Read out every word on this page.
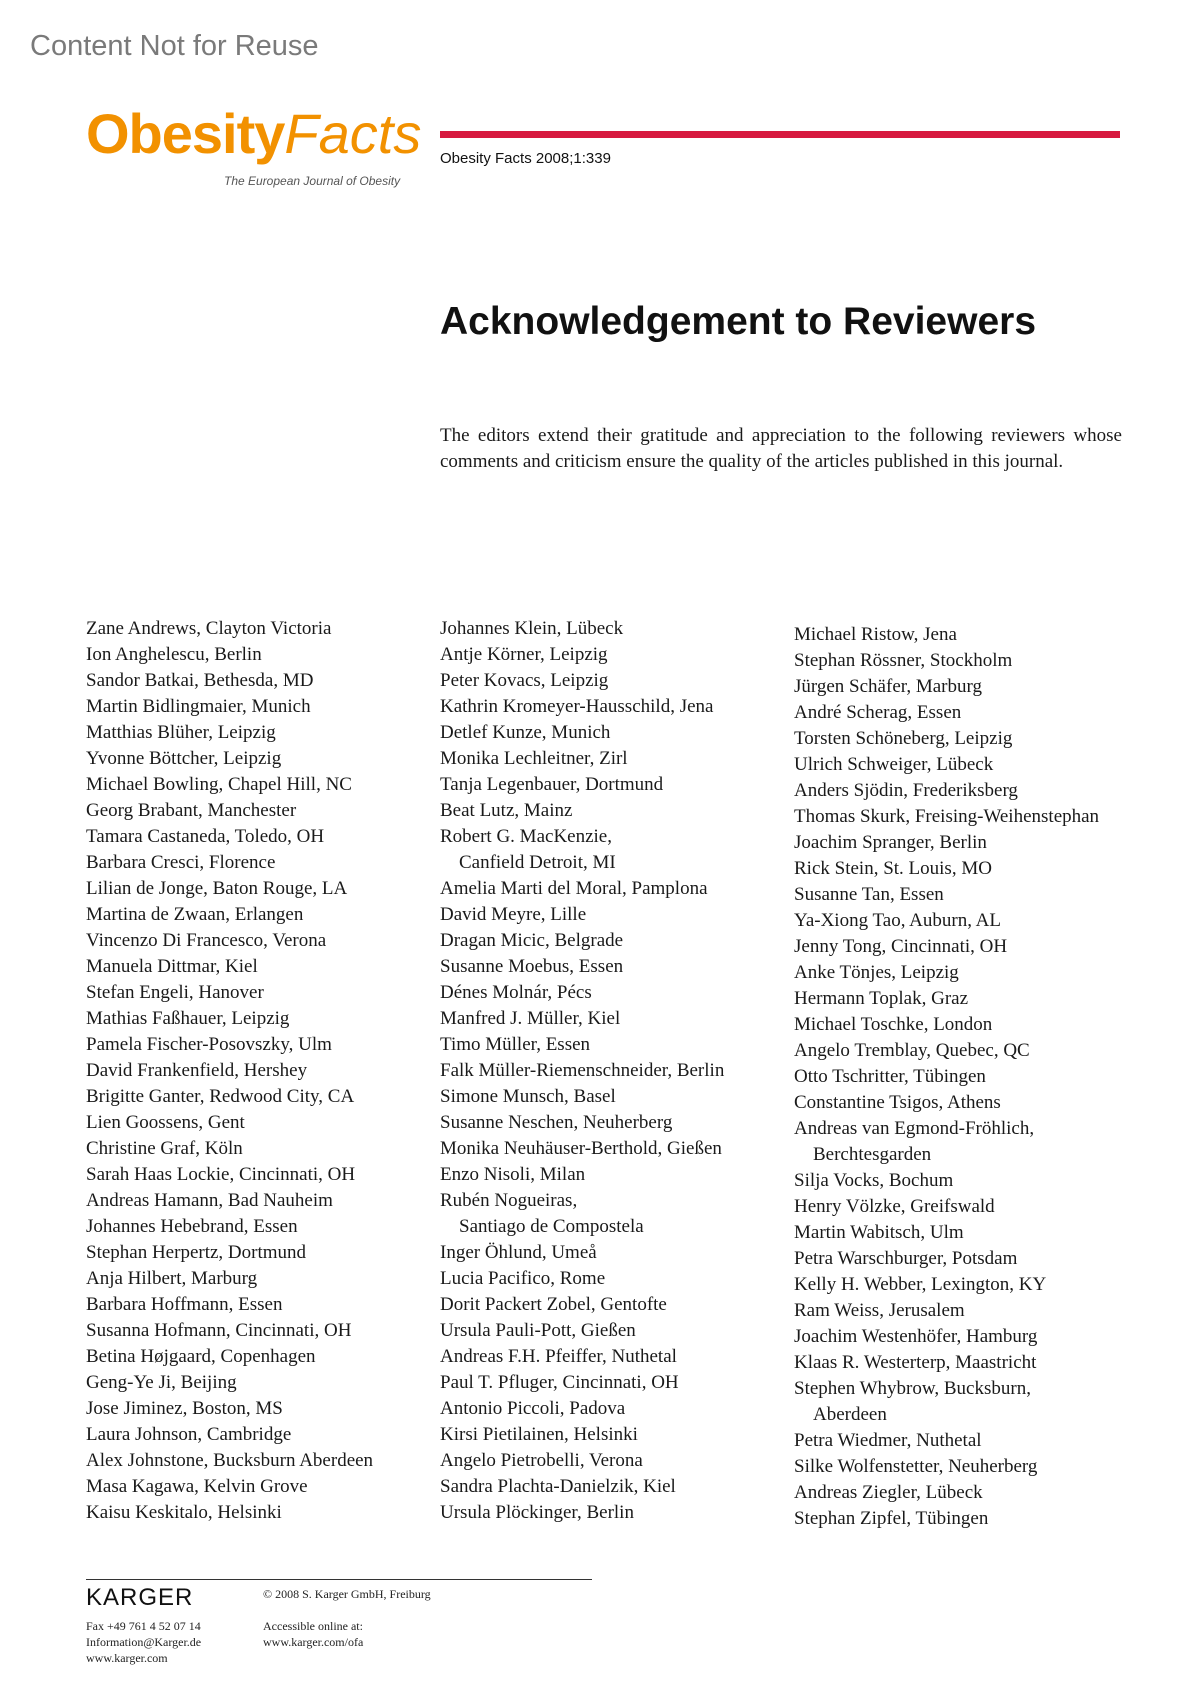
Content Not for Reuse
ObesityFacts
The European Journal of Obesity
Obesity Facts 2008;1:339
Acknowledgement to Reviewers
The editors extend their gratitude and appreciation to the following reviewers whose comments and criticism ensure the quality of the articles published in this journal.
Zane Andrews, Clayton Victoria
Ion Anghelescu, Berlin
Sandor Batkai, Bethesda, MD
Martin Bidlingmaier, Munich
Matthias Blüher, Leipzig
Yvonne Böttcher, Leipzig
Michael Bowling, Chapel Hill, NC
Georg Brabant, Manchester
Tamara Castaneda, Toledo, OH
Barbara Cresci, Florence
Lilian de Jonge, Baton Rouge, LA
Martina de Zwaan, Erlangen
Vincenzo Di Francesco, Verona
Manuela Dittmar, Kiel
Stefan Engeli, Hanover
Mathias Faßhauer, Leipzig
Pamela Fischer-Posovszky, Ulm
David Frankenfield, Hershey
Brigitte Ganter, Redwood City, CA
Lien Goossens, Gent
Christine Graf, Köln
Sarah Haas Lockie, Cincinnati, OH
Andreas Hamann, Bad Nauheim
Johannes Hebebrand, Essen
Stephan Herpertz, Dortmund
Anja Hilbert, Marburg
Barbara Hoffmann, Essen
Susanna Hofmann, Cincinnati, OH
Betina Højgaard, Copenhagen
Geng-Ye Ji, Beijing
Jose Jiminez, Boston, MS
Laura Johnson, Cambridge
Alex Johnstone, Bucksburn Aberdeen
Masa Kagawa, Kelvin Grove
Kaisu Keskitalo, Helsinki
Johannes Klein, Lübeck
Antje Körner, Leipzig
Peter Kovacs, Leipzig
Kathrin Kromeyer-Hausschild, Jena
Detlef Kunze, Munich
Monika Lechleitner, Zirl
Tanja Legenbauer, Dortmund
Beat Lutz, Mainz
Robert G. MacKenzie,
Canfield Detroit, MI
Amelia Marti del Moral, Pamplona
David Meyre, Lille
Dragan Micic, Belgrade
Susanne Moebus, Essen
Dénes Molnár, Pécs
Manfred J. Müller, Kiel
Timo Müller, Essen
Falk Müller-Riemenschneider, Berlin
Simone Munsch, Basel
Susanne Neschen, Neuherberg
Monika Neuhäuser-Berthold, Gießen
Enzo Nisoli, Milan
Rubén Nogueiras,
Santiago de Compostela
Inger Öhlund, Umeå
Lucia Pacifico, Rome
Dorit Packert Zobel, Gentofte
Ursula Pauli-Pott, Gießen
Andreas F.H. Pfeiffer, Nuthetal
Paul T. Pfluger, Cincinnati, OH
Antonio Piccoli, Padova
Kirsi Pietilainen, Helsinki
Angelo Pietrobelli, Verona
Sandra Plachta-Danielzik, Kiel
Ursula Plöckinger, Berlin
Michael Ristow, Jena
Stephan Rössner, Stockholm
Jürgen Schäfer, Marburg
André Scherag, Essen
Torsten Schöneberg, Leipzig
Ulrich Schweiger, Lübeck
Anders Sjödin, Frederiksberg
Thomas Skurk, Freising-Weihenstephan
Joachim Spranger, Berlin
Rick Stein, St. Louis, MO
Susanne Tan, Essen
Ya-Xiong Tao, Auburn, AL
Jenny Tong, Cincinnati, OH
Anke Tönjes, Leipzig
Hermann Toplak, Graz
Michael Toschke, London
Angelo Tremblay, Quebec, QC
Otto Tschritter, Tübingen
Constantine Tsigos, Athens
Andreas van Egmond-Fröhlich,
Berchtesgarden
Silja Vocks, Bochum
Henry Völzke, Greifswald
Martin Wabitsch, Ulm
Petra Warschburger, Potsdam
Kelly H. Webber, Lexington, KY
Ram Weiss, Jerusalem
Joachim Westenhöfer, Hamburg
Klaas R. Westerterp, Maastricht
Stephen Whybrow, Bucksburn,
Aberdeen
Petra Wiedmer, Nuthetal
Silke Wolfenstetter, Neuherberg
Andreas Ziegler, Lübeck
Stephan Zipfel, Tübingen
KARGER	© 2008 S. Karger GmbH, Freiburg
Fax +49 761 4 52 07 14
Information@Karger.de
www.karger.com
Accessible online at:
www.karger.com/ofa
